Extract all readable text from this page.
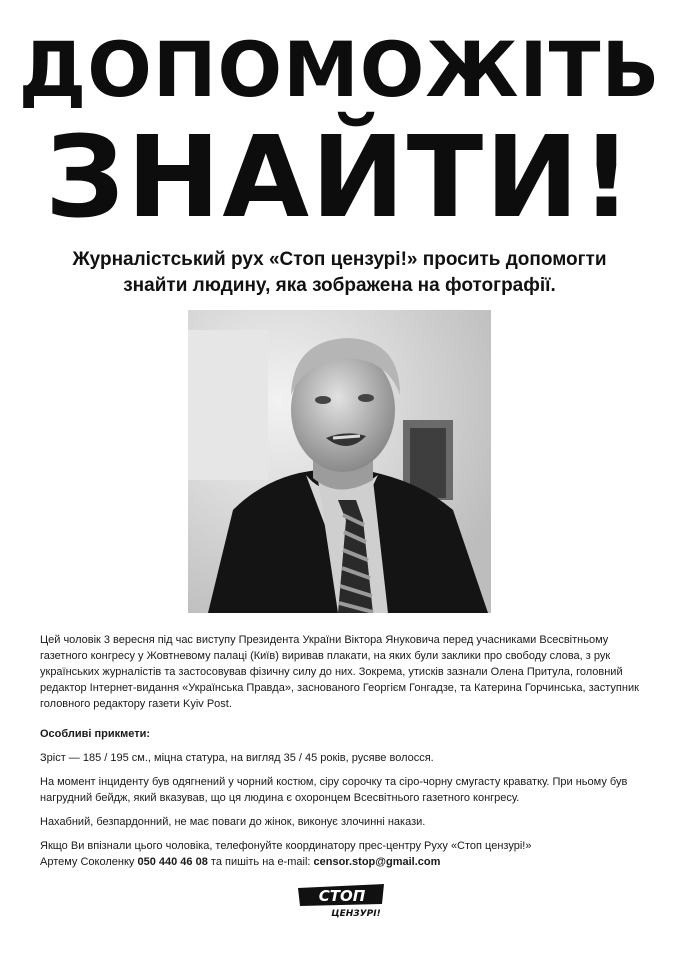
ДОПОМОЖІТЬ
ЗНАЙТИ!
Журналістський рух «Стоп цензурі!» просить допомогти
знайти людину, яка зображена на фотографії.

Цей чоловік 3 вересня під час виступу Президента України Віктора Януковича перед учасниками Всесвітньому газетного конгресу у Жовтневому палаці (Київ) виривав плакати, на яких були заклики про свободу слова, з рук українських журналістів та застосовував фізичну силу до них. Зокрема, утисків зазнали Олена Притула, головний редактор Інтернет-видання «Українська Правда», заснованого Георгієм Гонгадзе, та Катерина Горчинська, заступник головного редактору газети Kyiv Post.

Особливі прикмети:

Зріст — 185 / 195 см., міцна статура, на вигляд 35 / 45 років, русяве волосся.

На момент інциденту був одягнений у чорний костюм, сіру сорочку та сіро-чорну смугасту краватку. При ньому був нагрудний бейдж, який вказував, що ця людина є охоронцем Всесвітнього газетного конгресу.

Нахабний, безпардонний, не має поваги до жінок, виконує злочинні накази.

Якщо Ви впізнали цього чоловіка, телефонуйте координатору прес-центру Руху «Стоп цензурі!»
Артему Соколенку 050 440 46 08 та пишіть на e-mail: censor.stop@gmail.com

СТОП
ЦЕНЗУРІ!
